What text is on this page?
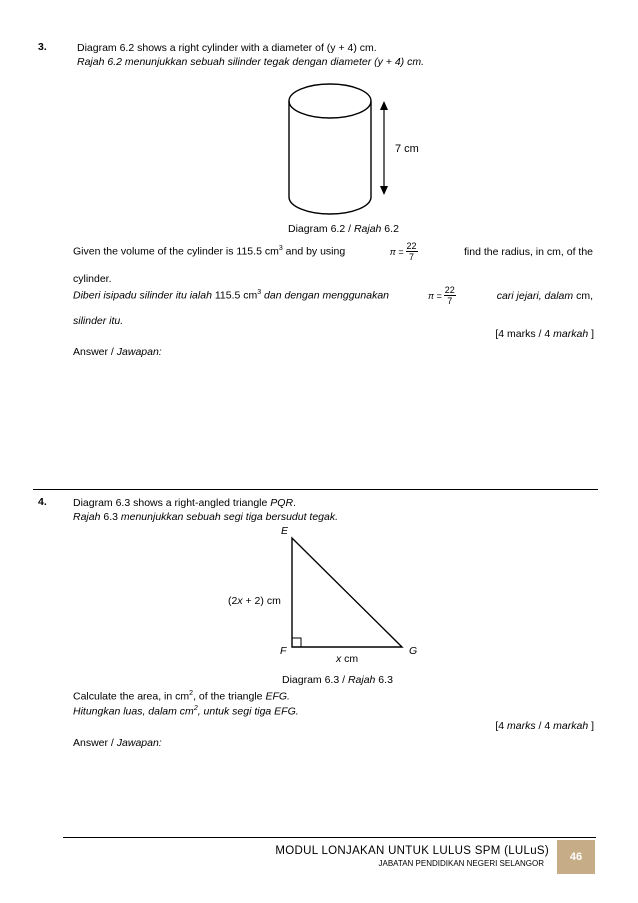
3.	Diagram 6.2 shows a right cylinder with a diameter of (y + 4) cm.
Rajah 6.2 menunjukkan sebuah silinder tegak dengan diameter (y + 4) cm.
7 cm
Diagram 6.2 / Rajah 6.2
Given the volume of the cylinder is 115.5 $cm^3$ and by using	$\pi = \frac{22}{7}$	find the radius, in cm, of the
cylinder.
Diberi isipadu silinder itu ialah 115.5 $cm^3$ dan dengan menggunakan	$\pi = \frac{22}{7}$	cari jejari, dalam cm,
silinder itu.
[4 marks / 4 markah ]
Answer / Jawapan:
4. Diagram 6.3 shows a right-angled triangle PQR.
Rajah 6.3 menunjukkan sebuah segi tiga bersudut tegak.
E
F	G
(2x + 2) cm
x cm
Diagram 6.3 / Rajah 6.3
Calculate the area, in $cm^2$, of the triangle EFG.
Hitungkan luas, dalam $cm^2$, untuk segi tiga EFG.
[4 marks / 4 markah ]
Answer / Jawapan:
MODUL LONJAKAN UNTUK LULUS SPM (LULuS)
JABATAN PENDIDIKAN NEGERI SELANGOR
46
